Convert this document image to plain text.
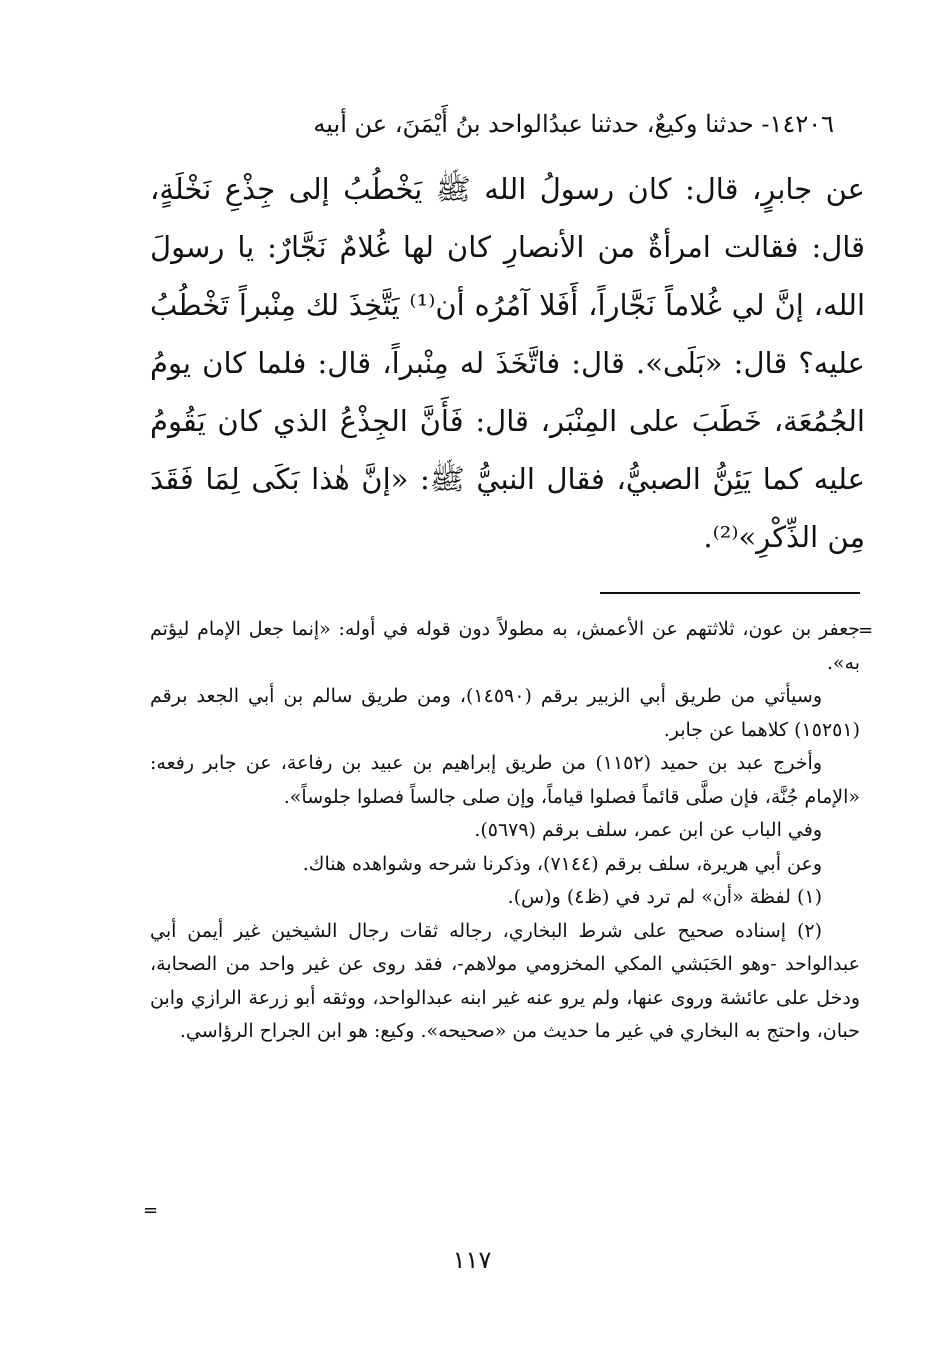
١٤٢٠٦- حدثنا وكيعٌ، حدثنا عبدُالواحد بنُ أَيْمَنَ، عن أبيه

عن جابرٍ، قال: كان رسولُ الله ﷺ يَخْطُبُ إلى جِذْعِ نَخْلَةٍ، قال: فقالت امرأةٌ من الأنصارِ كان لها غُلامٌ نَجَّارٌ: يا رسولَ الله، إنَّ لي غُلاماً نَجَّاراً، أَفَلا آمُرُه أن⁽¹⁾ يَتَّخِذَ لك مِنْبراً تَخْطُبُ عليه؟ قال: «بَلَى». قال: فاتَّخَذَ له مِنْبراً، قال: فلما كان يومُ الجُمُعَة، خَطَبَ على المِنْبَر، قال: فَأَنَّ الجِذْعُ الذي كان يَقُومُ عليه كما يَئِنُّ الصبيُّ، فقال النبيُّ ﷺ: «إنَّ هٰذا بَكَى لِمَا فَقَدَ مِن الذِّكْرِ»⁽²⁾.

=

جعفر بن عون، ثلاثتهم عن الأعمش، به مطولاً دون قوله في أوله: «إنما جعل الإمام ليؤتم به».

وسيأتي من طريق أبي الزبير برقم (١٤٥٩٠)، ومن طريق سالم بن أبي الجعد برقم (١٥٢٥١) كلاهما عن جابر.

وأخرج عبد بن حميد (١١٥٢) من طريق إبراهيم بن عبيد بن رفاعة، عن جابر رفعه: «الإمام جُنَّة، فإن صلَّى قائماً فصلوا قياماً، وإن صلى جالساً فصلوا جلوساً».

وفي الباب عن ابن عمر، سلف برقم (٥٦٧٩).

وعن أبي هريرة، سلف برقم (٧١٤٤)، وذكرنا شرحه وشواهده هناك.

(١) لفظة «أن» لم ترد في (ظ٤) و(س).

(٢) إسناده صحيح على شرط البخاري، رجاله ثقات رجال الشيخين غير أيمن أبي عبدالواحد -وهو الحَبَشي المكي المخزومي مولاهم-، فقد روى عن غير واحد من الصحابة، ودخل على عائشة وروى عنها، ولم يرو عنه غير ابنه عبدالواحد، ووثقه أبو زرعة الرازي وابن حبان، واحتج به البخاري في غير ما حديث من «صحيحه». وكيع: هو ابن الجراح الرؤاسي.

=
١١٧
